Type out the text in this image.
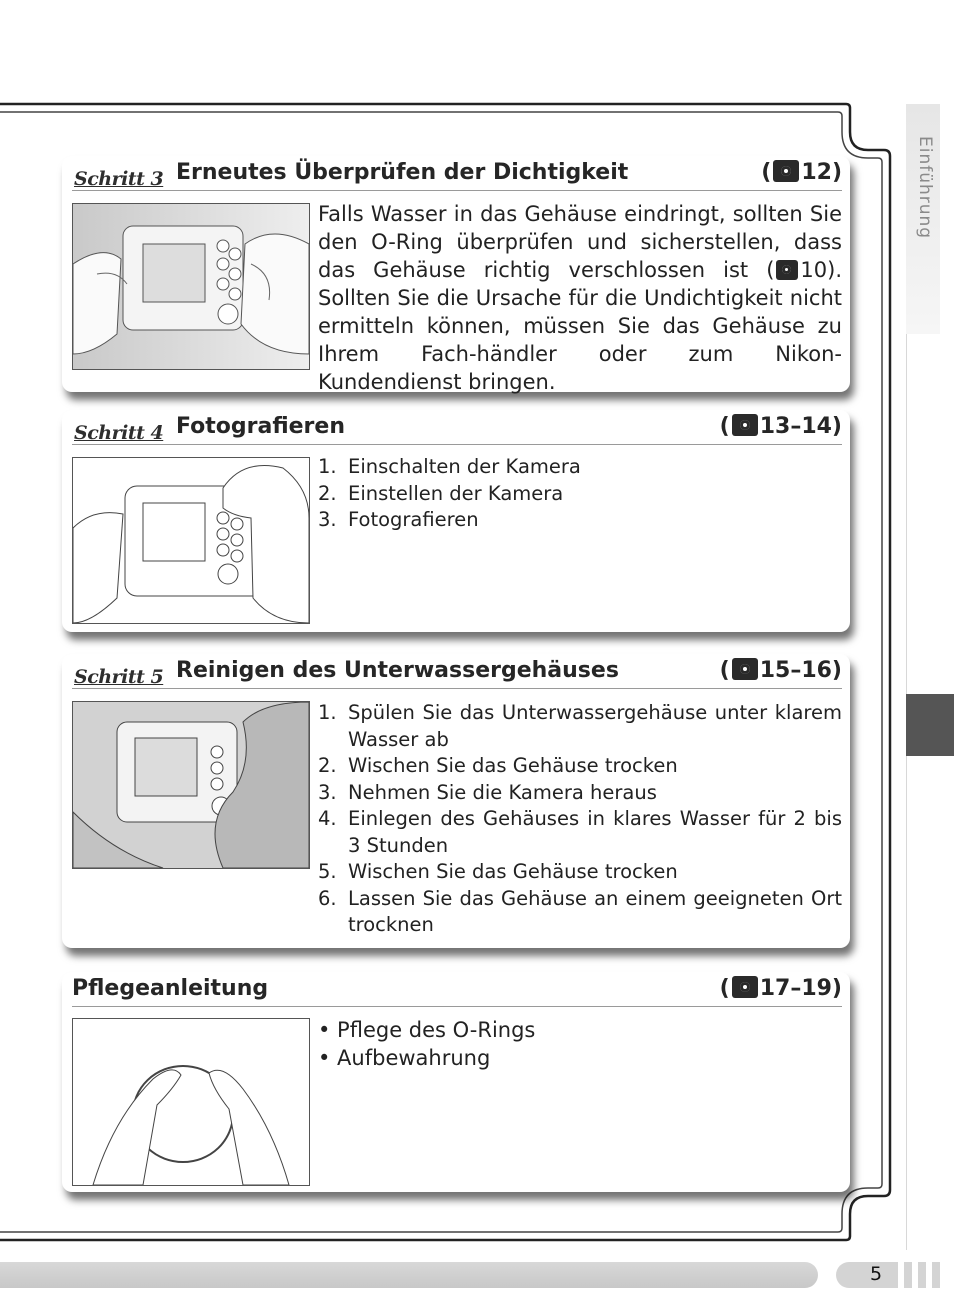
Einführung
Schritt 3 Erneutes Überprüfen der Dichtigkeit	( 12)
Falls Wasser in das Gehäuse eindringt, sollten Sie den O-Ring überprüfen und sicherstellen, dass das Gehäuse richtig verschlossen ist ( 10). Sollten Sie die Ursache für die Undichtigkeit nicht ermitteln können, müssen Sie das Gehäuse zu Ihrem Fach-händler oder zum Nikon-Kundendienst bringen.
Schritt 4 Fotografieren	( 13–14)
1. Einschalten der Kamera
2. Einstellen der Kamera
3. Fotografieren
Schritt 5 Reinigen des Unterwassergehäuses	( 15–16)
1. Spülen Sie das Unterwassergehäuse unter klarem Wasser ab
2. Wischen Sie das Gehäuse trocken
3. Nehmen Sie die Kamera heraus
4. Einlegen des Gehäuses in klares Wasser für 2 bis 3 Stunden
5. Wischen Sie das Gehäuse trocken
6. Lassen Sie das Gehäuse an einem geeigneten Ort trocknen
Pflegeanleitung	( 17–19)
• Pflege des O-Rings
• Aufbewahrung
5
